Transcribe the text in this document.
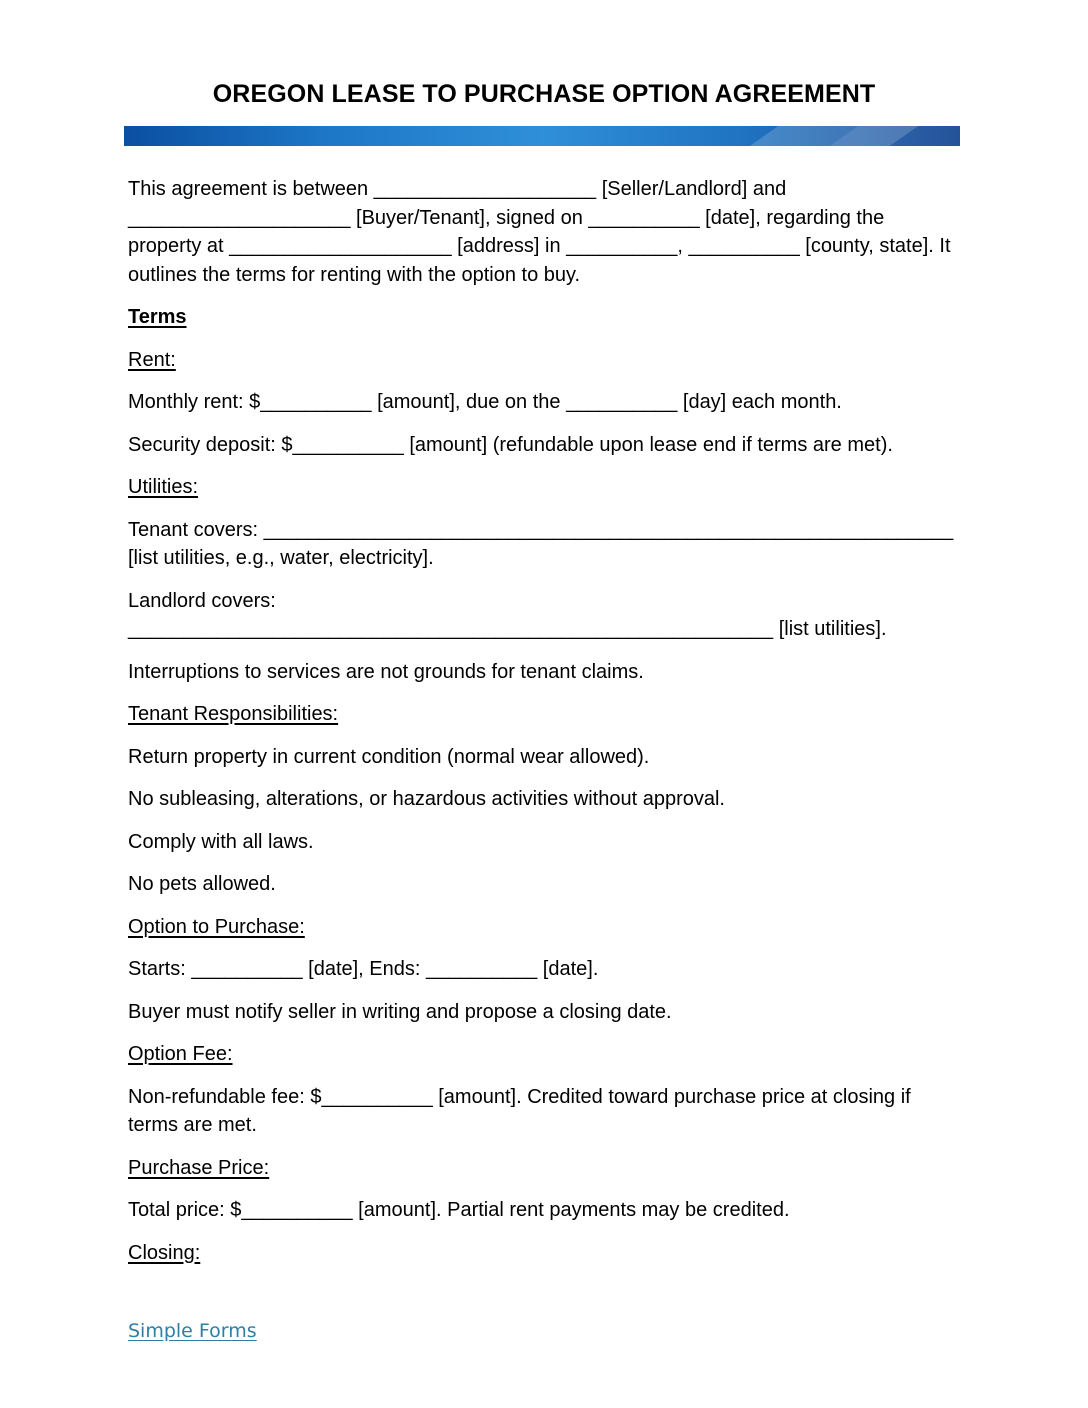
OREGON LEASE TO PURCHASE OPTION AGREEMENT

This agreement is between ____________________ [Seller/Landlord] and ____________________ [Buyer/Tenant], signed on __________ [date], regarding the property at ____________________ [address] in __________, __________ [county, state]. It outlines the terms for renting with the option to buy.

Terms

Rent:

Monthly rent: $__________ [amount], due on the __________ [day] each month.

Security deposit: $__________ [amount] (refundable upon lease end if terms are met).

Utilities:

Tenant covers: ______________________________________________________________
[list utilities, e.g., water, electricity].

Landlord covers:
__________________________________________________________ [list utilities].

Interruptions to services are not grounds for tenant claims.

Tenant Responsibilities:

Return property in current condition (normal wear allowed).

No subleasing, alterations, or hazardous activities without approval.

Comply with all laws.

No pets allowed.

Option to Purchase:

Starts: __________ [date], Ends: __________ [date].

Buyer must notify seller in writing and propose a closing date.

Option Fee:

Non-refundable fee: $__________ [amount]. Credited toward purchase price at closing if terms are met.

Purchase Price:

Total price: $__________ [amount]. Partial rent payments may be credited.

Closing:

Simple Forms
